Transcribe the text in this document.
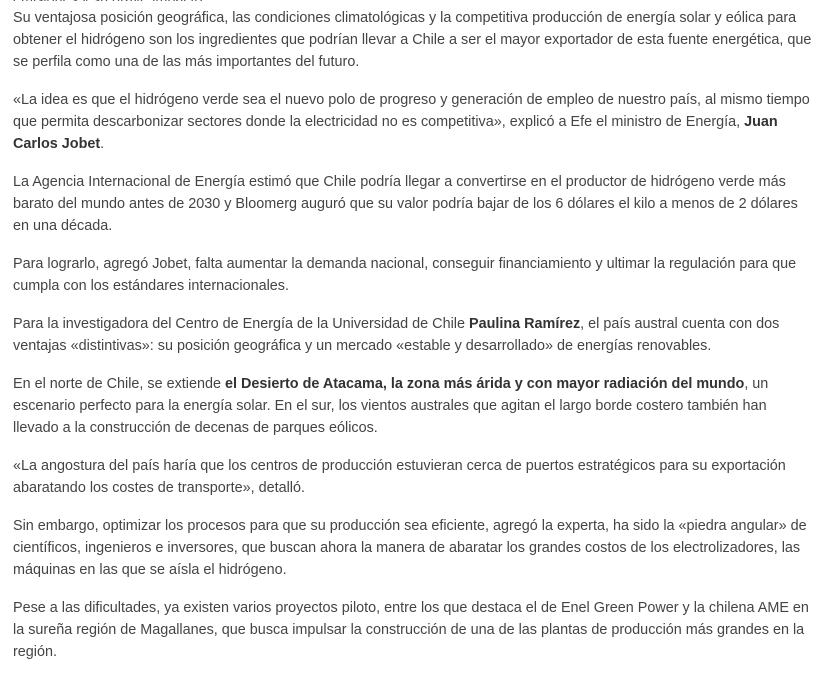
Su ventajosa posición geográfica, las condiciones climatológicas y la competitiva producción de energía solar y eólica para obtener el hidrógeno son los ingredientes que podrían llevar a Chile a ser el mayor exportador de esta fuente energética, que se perfila como una de las más importantes del futuro.

«La idea es que el hidrógeno verde sea el nuevo polo de progreso y generación de empleo de nuestro país, al mismo tiempo que permita descarbonizar sectores donde la electricidad no es competitiva», explicó a Efe el ministro de Energía, Juan Carlos Jobet.

La Agencia Internacional de Energía estimó que Chile podría llegar a convertirse en el productor de hidrógeno verde más barato del mundo antes de 2030 y Bloomerg auguró que su valor podría bajar de los 6 dólares el kilo a menos de 2 dólares en una década.

Para lograrlo, agregó Jobet, falta aumentar la demanda nacional, conseguir financiamiento y ultimar la regulación para que cumpla con los estándares internacionales.

Para la investigadora del Centro de Energía de la Universidad de Chile Paulina Ramírez, el país austral cuenta con dos ventajas «distintivas»: su posición geográfica y un mercado «estable y desarrollado» de energías renovables.

En el norte de Chile, se extiende el Desierto de Atacama, la zona más árida y con mayor radiación del mundo, un escenario perfecto para la energía solar. En el sur, los vientos australes que agitan el largo borde costero también han llevado a la construcción de decenas de parques eólicos.

«La angostura del país haría que los centros de producción estuvieran cerca de puertos estratégicos para su exportación abaratando los costes de transporte», detalló.

Sin embargo, optimizar los procesos para que su producción sea eficiente, agregó la experta, ha sido la «piedra angular» de científicos, ingenieros e inversores, que buscan ahora la manera de abaratar los grandes costos de los electrolizadores, las máquinas en las que se aísla el hidrógeno.

Pese a las dificultades, ya existen varios proyectos piloto, entre los que destaca el de Enel Green Power y la chilena AME en la sureña región de Magallanes, que busca impulsar la construcción de una de las plantas de producción más grandes en la región.
